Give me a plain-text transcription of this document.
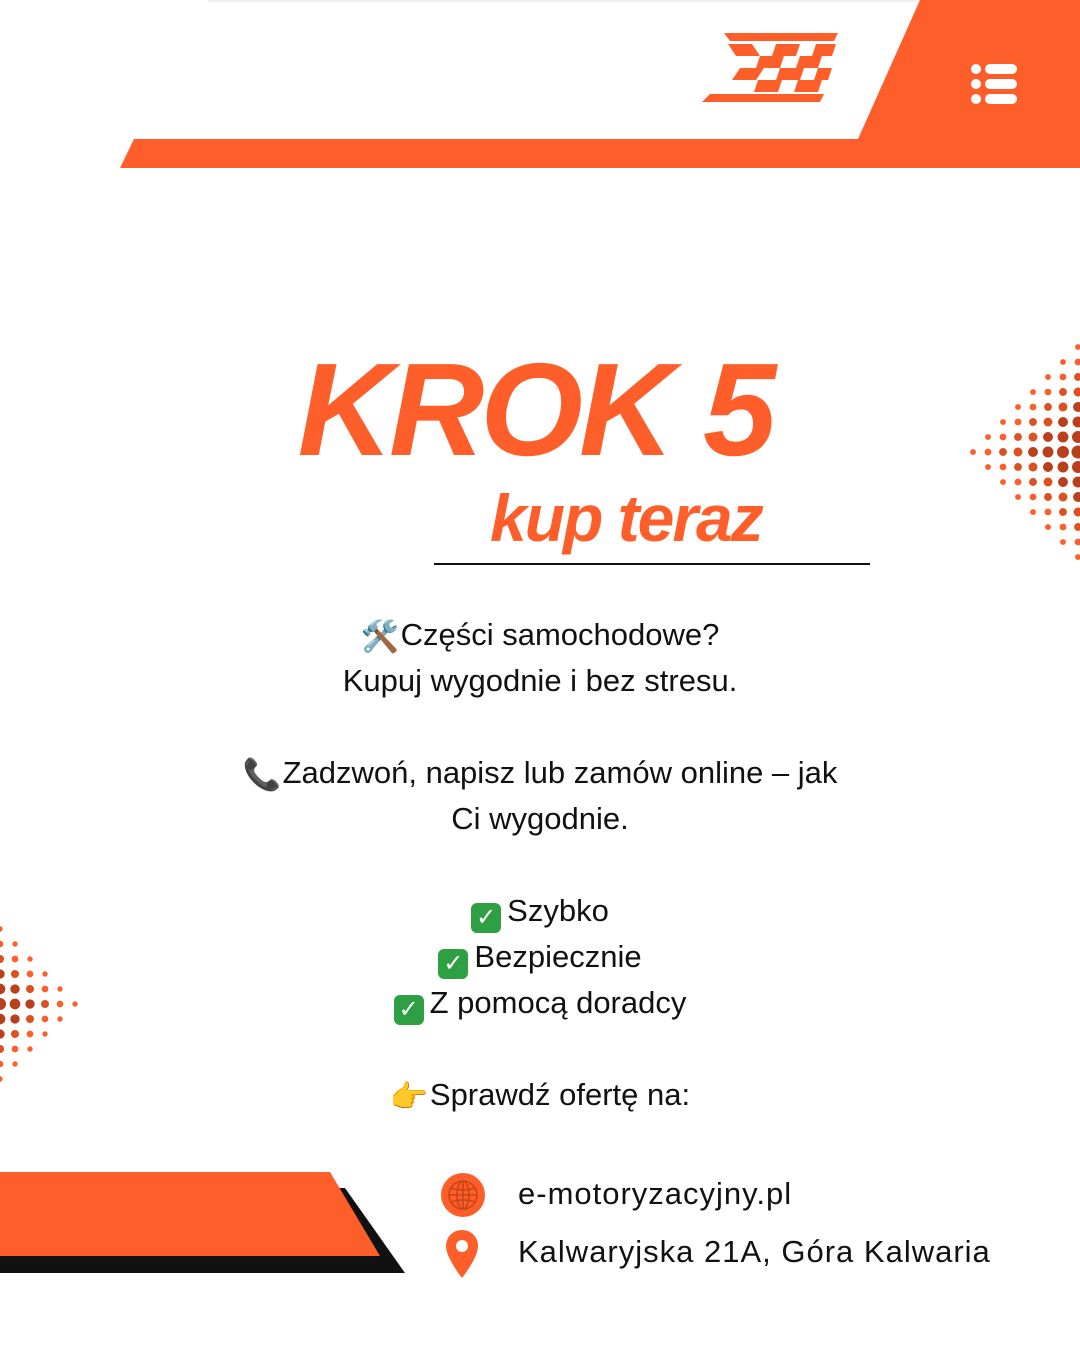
KROK 5
kup teraz
🛠️Części samochodowe?
Kupuj wygodnie i bez stresu.
📞Zadzwoń, napisz lub zamów online – jak
Ci wygodnie.
✓ Szybko
✓ Bezpiecznie
✓ Z pomocą doradcy
👉Sprawdź ofertę na:
e-motoryzacyjny.pl
Kalwaryjska 21A, Góra Kalwaria
